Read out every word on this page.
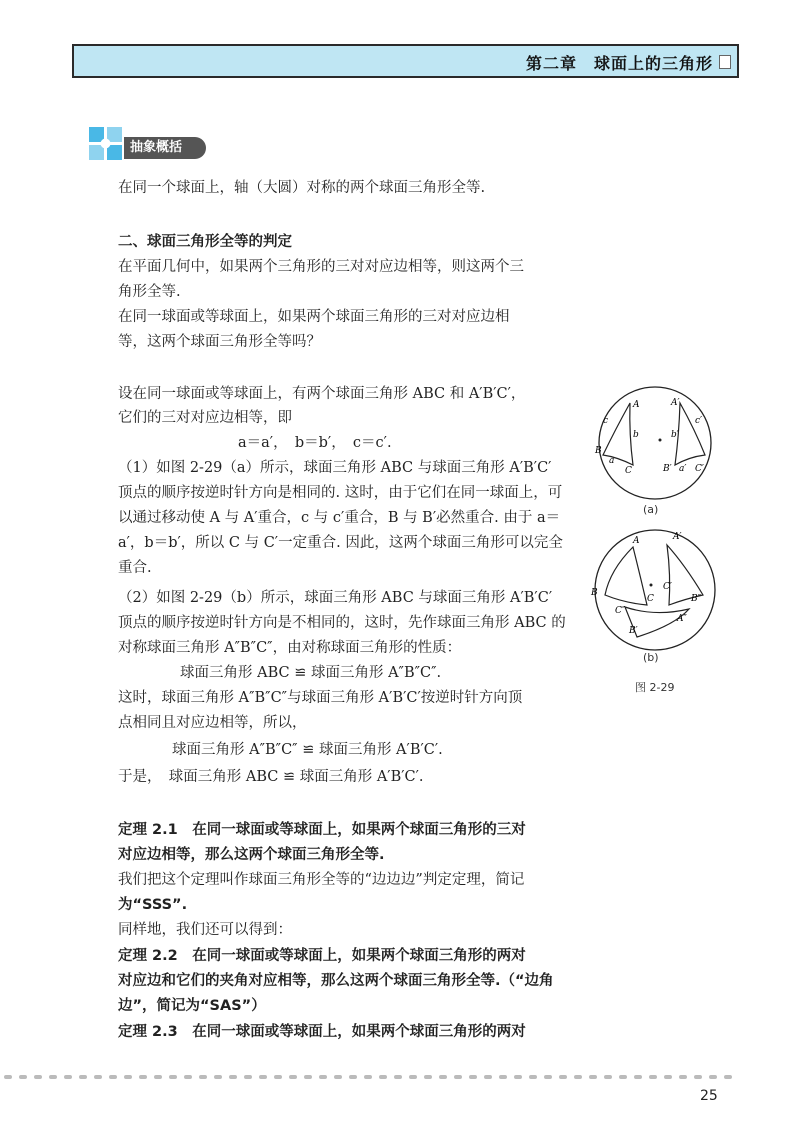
第二章　球面上的三角形
抽象概括

在同一个球面上，轴（大圆）对称的两个球面三角形全等.

二、球面三角形全等的判定

在平面几何中，如果两个三角形的三对对应边相等，则这两个三

角形全等.

在同一球面或等球面上，如果两个球面三角形的三对对应边相

等，这两个球面三角形全等吗？

设在同一球面或等球面上，有两个球面三角形 ABC 和 A′B′C′，

它们的三对对应边相等，即

a＝a′，　b＝b′，　c＝c′.

（1）如图 2-29（a）所示，球面三角形 ABC 与球面三角形 A′B′C′

顶点的顺序按逆时针方向是相同的. 这时，由于它们在同一球面上，可

以通过移动使 A 与 A′重合，c 与 c′重合，B 与 B′必然重合. 由于 a＝

a′，b＝b′，所以 C 与 C′一定重合. 因此，这两个球面三角形可以完全

重合.

（2）如图 2-29（b）所示，球面三角形 ABC 与球面三角形 A′B′C′

顶点的顺序按逆时针方向是不相同的，这时，先作球面三角形 ABC 的

对称球面三角形 A″B″C″，由对称球面三角形的性质：

球面三角形 ABC ≌ 球面三角形 A″B″C″.

这时，球面三角形 A″B″C″与球面三角形 A′B′C′按逆时针方向顶

点相同且对应边相等，所以，

球面三角形 A″B″C″ ≌ 球面三角形 A′B′C′.

于是，　球面三角形 ABC ≌ 球面三角形 A′B′C′.

定理 2.1　在同一球面或等球面上，如果两个球面三角形的三对

对应边相等，那么这两个球面三角形全等.

我们把这个定理叫作球面三角形全等的“边边边”判定定理，简记

为“SSS”.

同样地，我们还可以得到：

定理 2.2　在同一球面或等球面上，如果两个球面三角形的两对

对应边和它们的夹角对应相等，那么这两个球面三角形全等.（“边角

边”，简记为“SAS”）

定理 2.3　在同一球面或等球面上，如果两个球面三角形的两对

A	A′
c
b	b′
c′
B
a
C	B′ a′ C′
(a)
A	A′
B
C
C″
B″
A″
B′
C′
(b)
图 2-29
25
